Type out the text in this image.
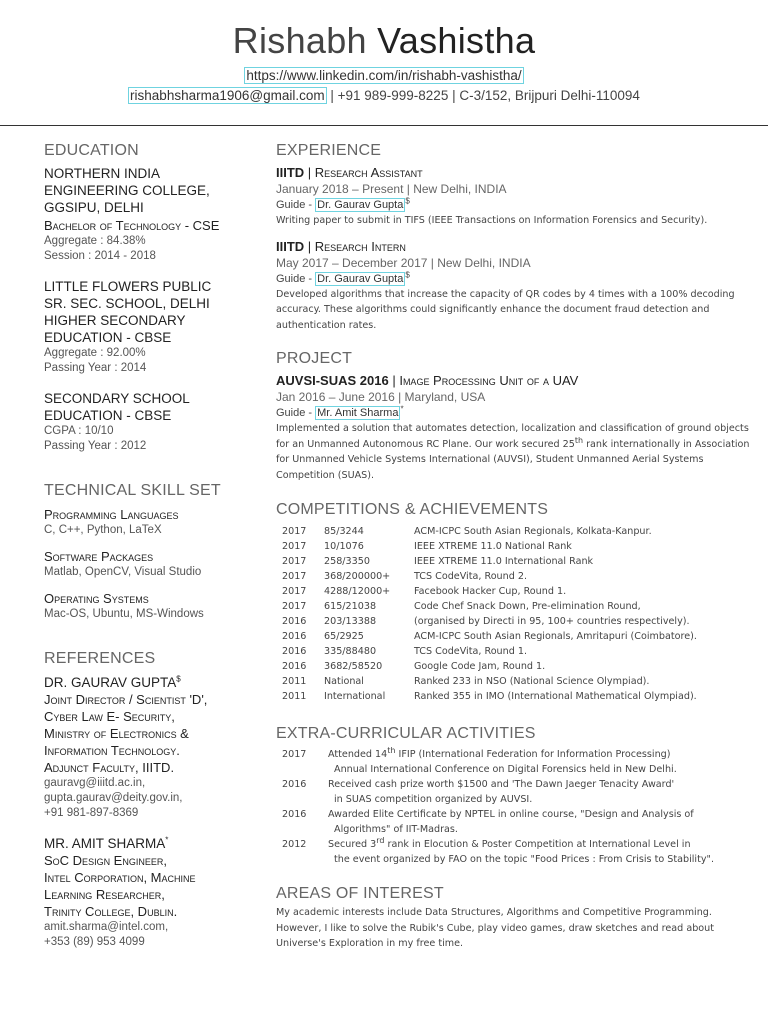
Rishabh Vashistha
https://www.linkedin.com/in/rishabh-vashistha/
rishabhsharma1906@gmail.com | +91 989-999-8225 | C-3/152, Brijpuri Delhi-110094
EDUCATION
NORTHERN INDIA ENGINEERING COLLEGE, GGSIPU, DELHI
Bachelor of Technology - CSE
Aggregate : 84.38%
Session : 2014 - 2018
LITTLE FLOWERS PUBLIC SR. SEC. SCHOOL, DELHI
HIGHER SECONDARY EDUCATION - CBSE
Aggregate : 92.00%
Passing Year : 2014
SECONDARY SCHOOL EDUCATION - CBSE
CGPA : 10/10
Passing Year : 2012
TECHNICAL SKILL SET
Programming Languages
C, C++, Python, LaTeX
Software Packages
Matlab, OpenCV, Visual Studio
Operating Systems
Mac-OS, Ubuntu, MS-Windows
REFERENCES
DR. GAURAV GUPTA$
Joint Director / Scientist 'D',
Cyber Law E- Security,
Ministry of Electronics &
Information Technology.
Adjunct Faculty, IIITD.
gauravg@iiitd.ac.in,
gupta.gaurav@deity.gov.in,
+91 981-897-8369
MR. AMIT SHARMA*
SoC Design Engineer,
Intel Corporation, Machine
Learning Researcher,
Trinity College, Dublin.
amit.sharma@intel.com,
+353 (89) 953 4099
EXPERIENCE
IIITD | Research Assistant
January 2018 – Present | New Delhi, INDIA
Guide - Dr. Gaurav Gupta $
Writing paper to submit in TIFS (IEEE Transactions on Information Forensics and Security).
IIITD | Research Intern
May 2017 – December 2017 | New Delhi, INDIA
Guide - Dr. Gaurav Gupta $
Developed algorithms that increase the capacity of QR codes by 4 times with a 100% decoding accuracy. These algorithms could significantly enhance the document fraud detection and authentication rates.
PROJECT
AUVSI-SUAS 2016 | Image Processing Unit of a UAV
Jan 2016 – June 2016 | Maryland, USA
Guide - Mr. Amit Sharma *
Implemented a solution that automates detection, localization and classification of ground objects for an Unmanned Autonomous RC Plane. Our work secured 25th rank internationally in Association for Unmanned Vehicle Systems International (AUVSI), Student Unmanned Aerial Systems Competition (SUAS).
COMPETITIONS & ACHIEVEMENTS
2017	85/3244	ACM-ICPC South Asian Regionals, Kolkata-Kanpur.
2017	10/1076	IEEE XTREME 11.0 National Rank
2017	258/3350	IEEE XTREME 11.0 International Rank
2017	368/200000+	TCS CodeVita, Round 2.
2017	4288/12000+	Facebook Hacker Cup, Round 1.
2017	615/21038	Code Chef Snack Down, Pre-elimination Round,
2016	203/13388	(organised by Directi in 95, 100+ countries respectively).
2016	65/2925	ACM-ICPC South Asian Regionals, Amritapuri (Coimbatore).
2016	335/88480	TCS CodeVita, Round 1.
2016	3682/58520	Google Code Jam, Round 1.
2011	National	Ranked 233 in NSO (National Science Olympiad).
2011	International	Ranked 355 in IMO (International Mathematical Olympiad).
EXTRA-CURRICULAR ACTIVITIES
2017	Attended 14th IFIP (International Federation for Information Processing)
Annual International Conference on Digital Forensics held in New Delhi.

2016	Received cash prize worth $1500 and 'The Dawn Jaeger Tenacity Award'
in SUAS competition organized by AUVSI.

2016	Awarded Elite Certificate by NPTEL in online course, "Design and Analysis of
Algorithms" of IIT-Madras.

2012	Secured 3rd rank in Elocution & Poster Competition at International Level in
the event organized by FAO on the topic "Food Prices : From Crisis to Stability".
AREAS OF INTEREST
My academic interests include Data Structures, Algorithms and Competitive Programming. However, I like to solve the Rubik's Cube, play video games, draw sketches and read about Universe's Exploration in my free time.
